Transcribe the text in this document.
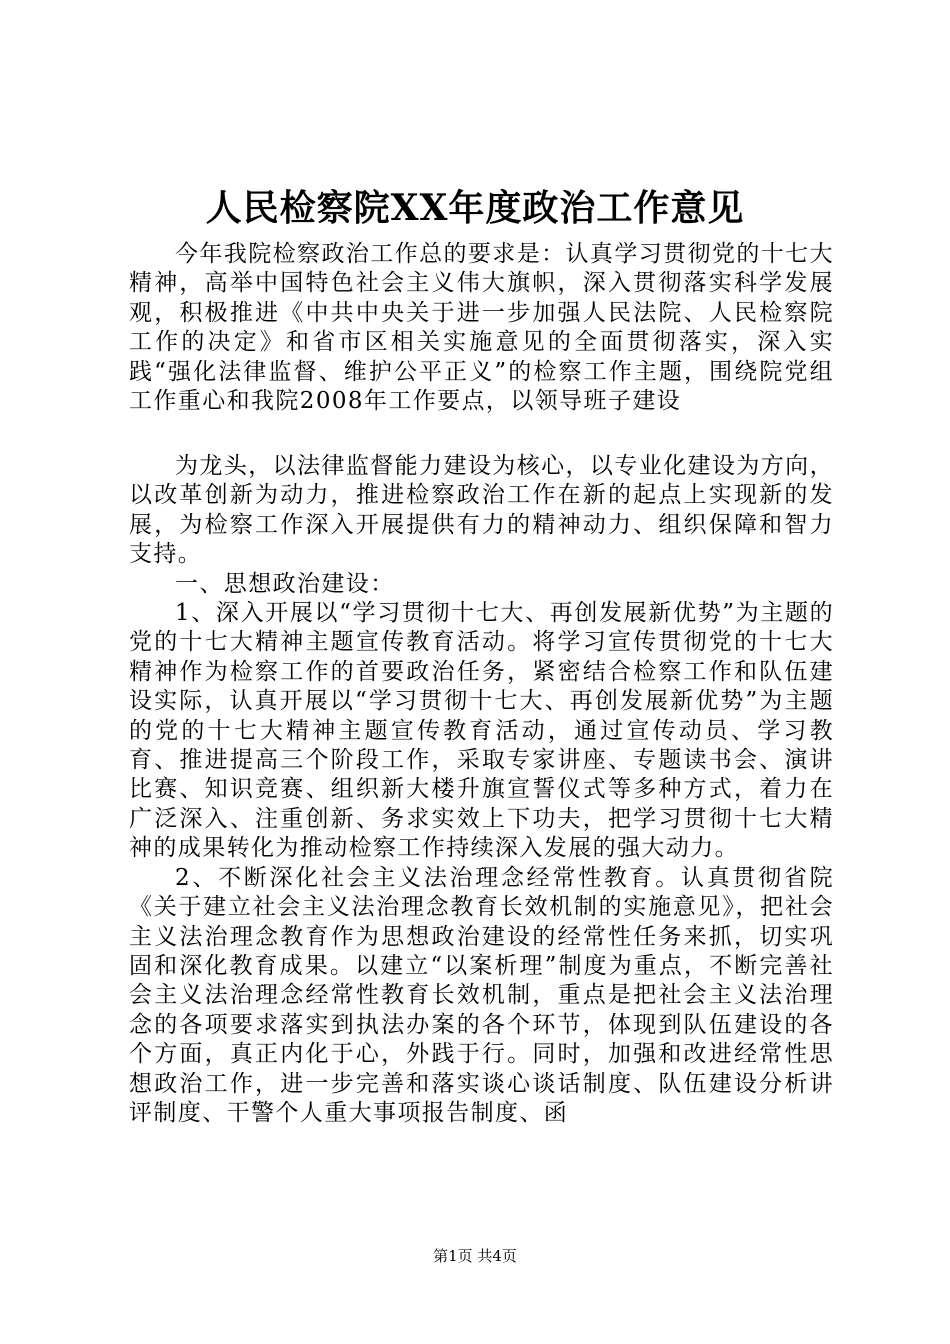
人民检察院XX年度政治工作意见

今年我院检察政治工作总的要求是：认真学习贯彻党的十七大精神，高举中国特色社会主义伟大旗帜，深入贯彻落实科学发展观，积极推进《中共中央关于进一步加强人民法院、人民检察院工作的决定》和省市区相关实施意见的全面贯彻落实，深入实践“强化法律监督、维护公平正义”的检察工作主题，围绕院党组工作重心和我院2008年工作要点，以领导班子建设

为龙头，以法律监督能力建设为核心，以专业化建设为方向，以改革创新为动力，推进检察政治工作在新的起点上实现新的发展，为检察工作深入开展提供有力的精神动力、组织保障和智力支持。

一、思想政治建设：

1、深入开展以“学习贯彻十七大、再创发展新优势”为主题的党的十七大精神主题宣传教育活动。将学习宣传贯彻党的十七大精神作为检察工作的首要政治任务，紧密结合检察工作和队伍建设实际，认真开展以“学习贯彻十七大、再创发展新优势”为主题的党的十七大精神主题宣传教育活动，通过宣传动员、学习教育、推进提高三个阶段工作，采取专家讲座、专题读书会、演讲比赛、知识竞赛、组织新大楼升旗宣誓仪式等多种方式，着力在广泛深入、注重创新、务求实效上下功夫，把学习贯彻十七大精神的成果转化为推动检察工作持续深入发展的强大动力。

2、不断深化社会主义法治理念经常性教育。认真贯彻省院《关于建立社会主义法治理念教育长效机制的实施意见》，把社会主义法治理念教育作为思想政治建设的经常性任务来抓，切实巩固和深化教育成果。以建立“以案析理”制度为重点，不断完善社会主义法治理念经常性教育长效机制，重点是把社会主义法治理念的各项要求落实到执法办案的各个环节，体现到队伍建设的各个方面，真正内化于心，外践于行。同时，加强和改进经常性思想政治工作，进一步完善和落实谈心谈话制度、队伍建设分析讲评制度、干警个人重大事项报告制度、函

第1页 共4页
